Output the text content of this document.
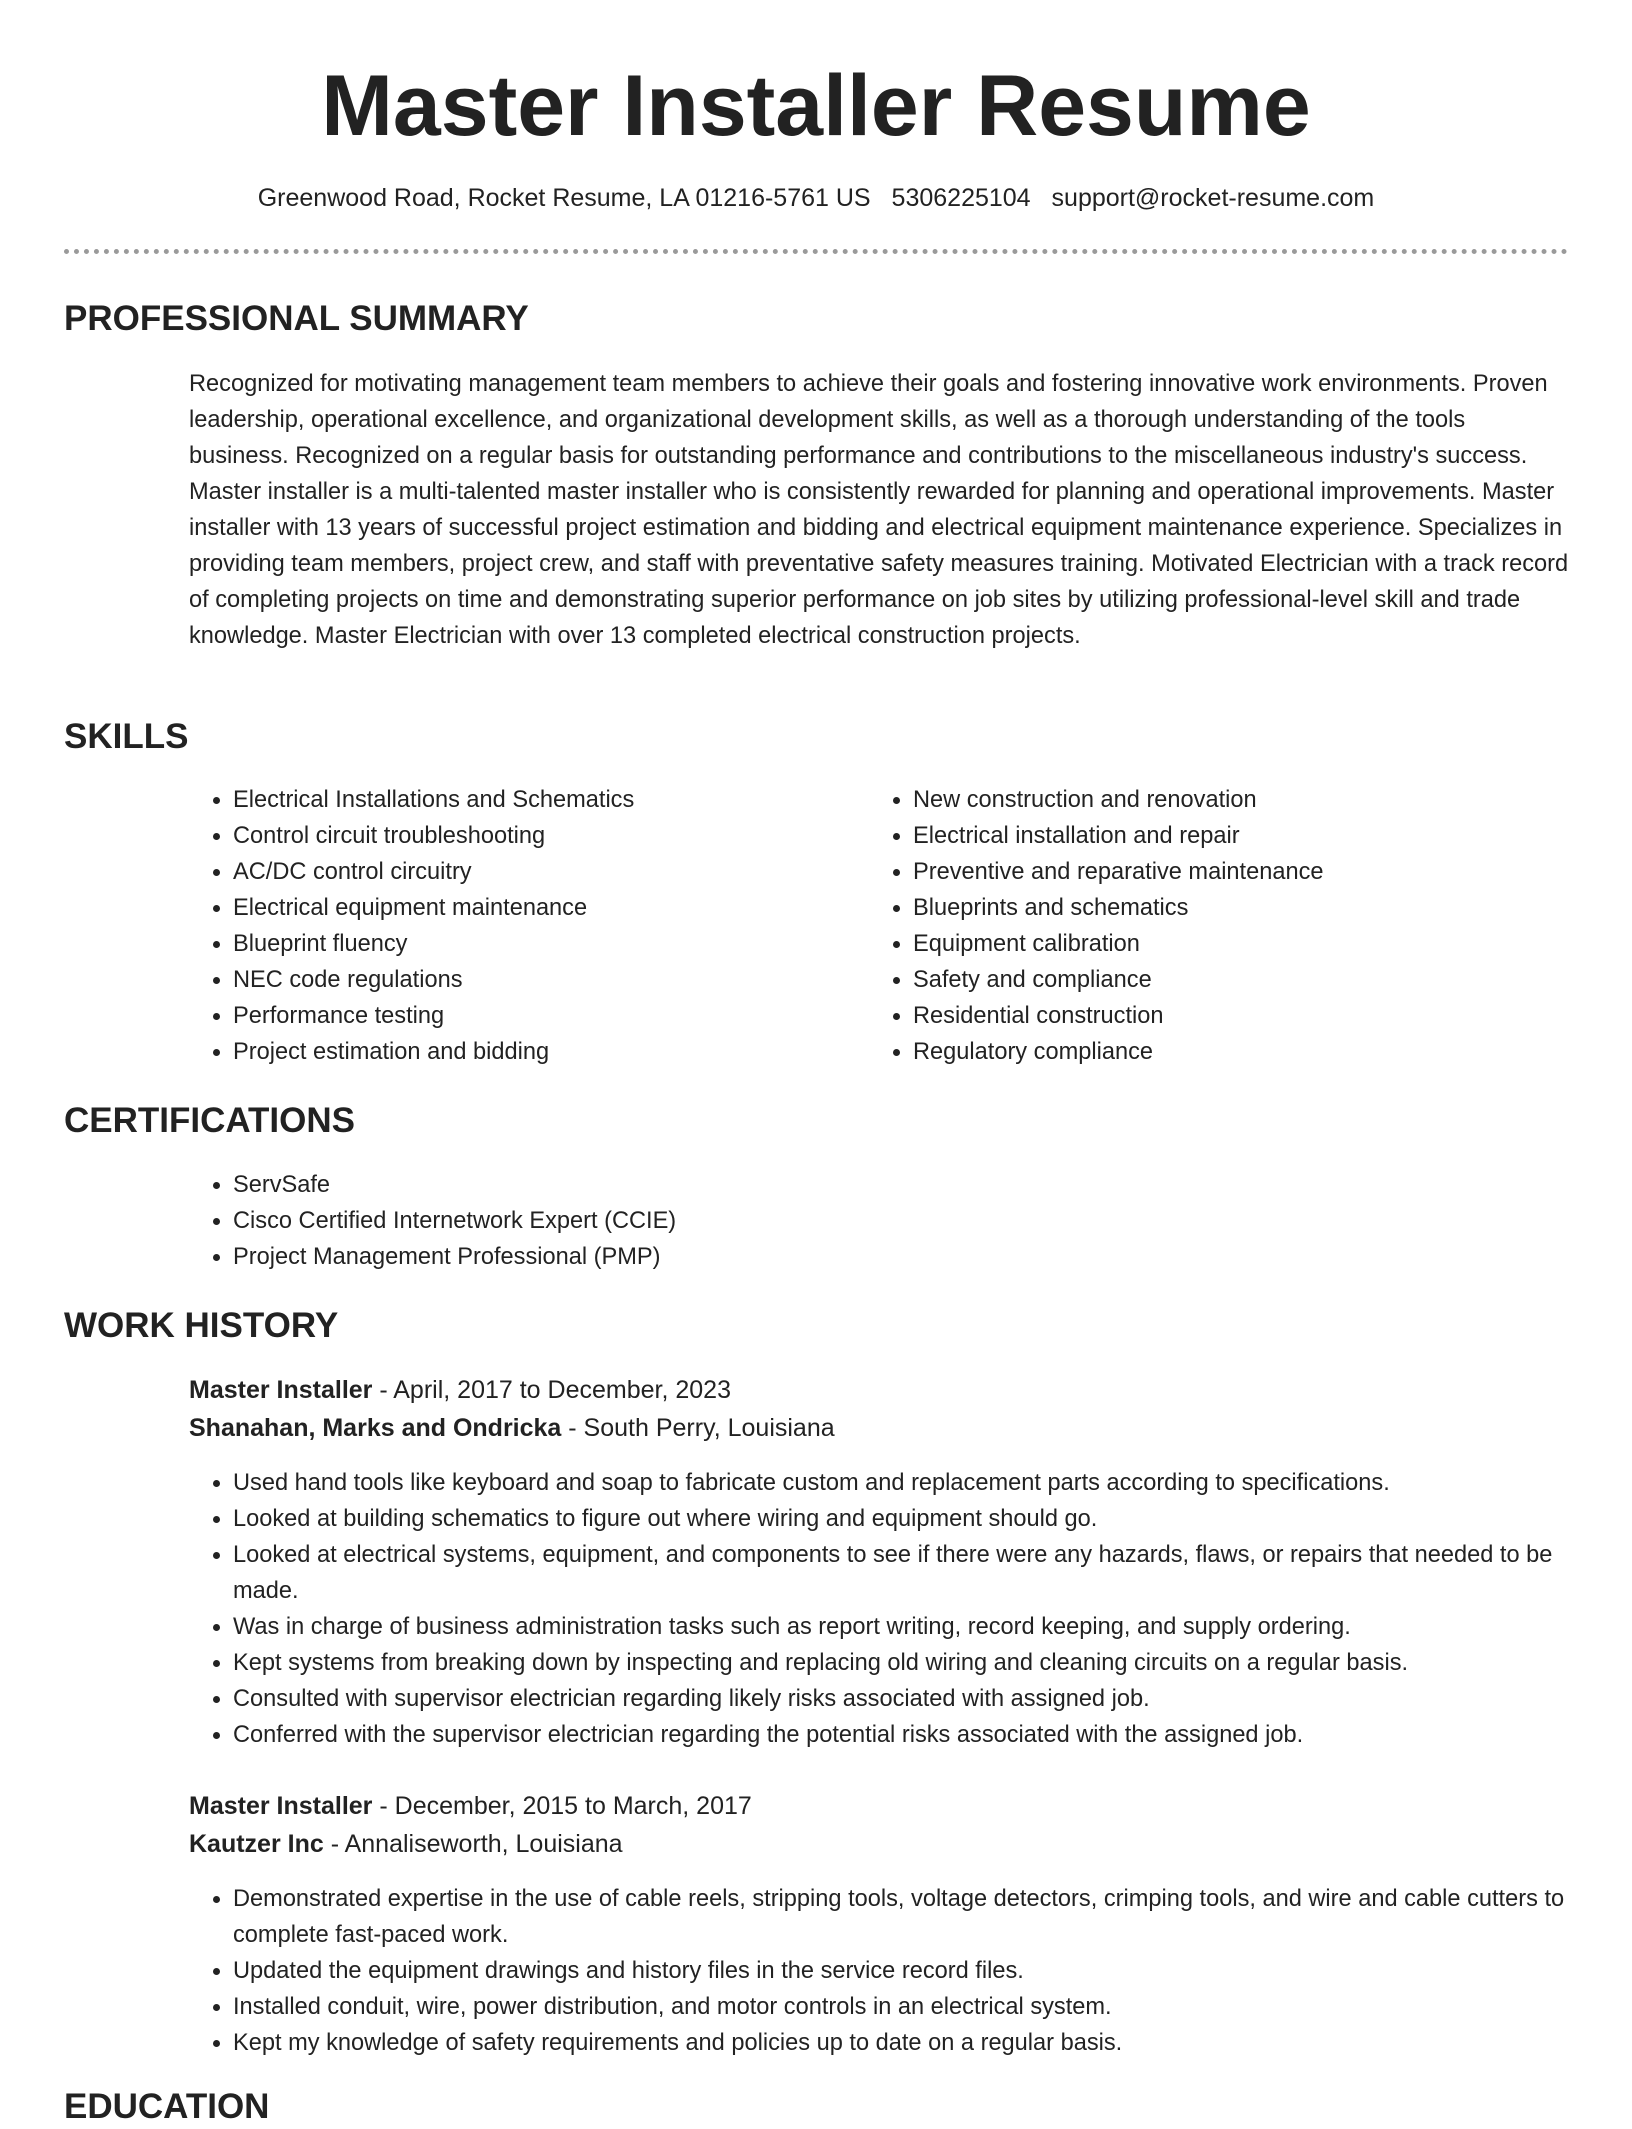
Master Installer Resume
Greenwood Road, Rocket Resume, LA 01216-5761 US 5306225104 support@rocket-resume.com
PROFESSIONAL SUMMARY

Recognized for motivating management team members to achieve their goals and fostering innovative work environments. Proven leadership, operational excellence, and organizational development skills, as well as a thorough understanding of the tools business. Recognized on a regular basis for outstanding performance and contributions to the miscellaneous industry's success. Master installer is a multi-talented master installer who is consistently rewarded for planning and operational improvements. Master installer with 13 years of successful project estimation and bidding and electrical equipment maintenance experience. Specializes in providing team members, project crew, and staff with preventative safety measures training. Motivated Electrician with a track record of completing projects on time and demonstrating superior performance on job sites by utilizing professional-level skill and trade knowledge. Master Electrician with over 13 completed electrical construction projects.

SKILLS
• Electrical Installations and Schematics
• Control circuit troubleshooting
• AC/DC control circuitry
• Electrical equipment maintenance
• Blueprint fluency
• NEC code regulations
• Performance testing
• Project estimation and bidding
• New construction and renovation
• Electrical installation and repair
• Preventive and reparative maintenance
• Blueprints and schematics
• Equipment calibration
• Safety and compliance
• Residential construction
• Regulatory compliance
CERTIFICATIONS
• ServSafe
• Cisco Certified Internetwork Expert (CCIE)
• Project Management Professional (PMP)
WORK HISTORY

Master Installer - April, 2017 to December, 2023

Shanahan, Marks and Ondricka - South Perry, Louisiana

• Used hand tools like keyboard and soap to fabricate custom and replacement parts according to specifications.
• Looked at building schematics to figure out where wiring and equipment should go.
• Looked at electrical systems, equipment, and components to see if there were any hazards, flaws, or repairs that needed to be made.
• Was in charge of business administration tasks such as report writing, record keeping, and supply ordering.
• Kept systems from breaking down by inspecting and replacing old wiring and cleaning circuits on a regular basis.
• Consulted with supervisor electrician regarding likely risks associated with assigned job.
• Conferred with the supervisor electrician regarding the potential risks associated with the assigned job.

Master Installer - December, 2015 to March, 2017

Kautzer Inc - Annaliseworth, Louisiana

• Demonstrated expertise in the use of cable reels, stripping tools, voltage detectors, crimping tools, and wire and cable cutters to complete fast-paced work.
• Updated the equipment drawings and history files in the service record files.
• Installed conduit, wire, power distribution, and motor controls in an electrical system.
• Kept my knowledge of safety requirements and policies up to date on a regular basis.
EDUCATION
